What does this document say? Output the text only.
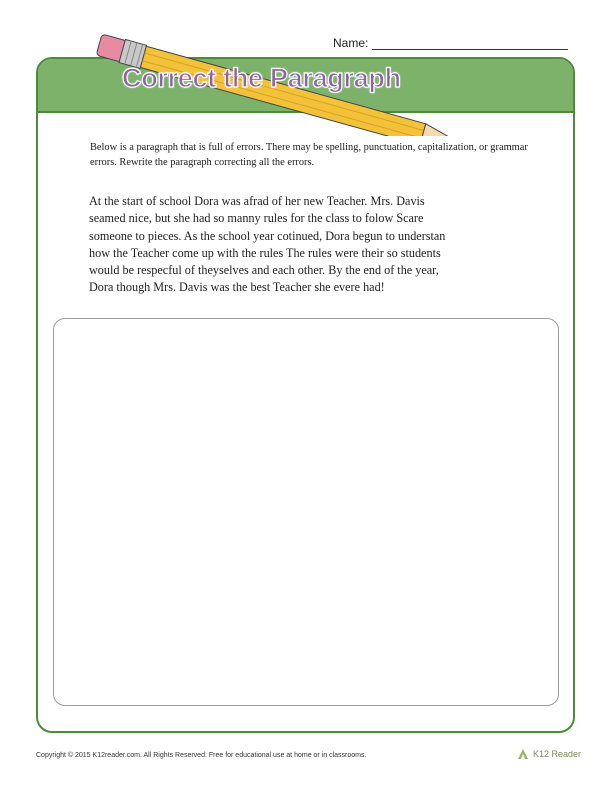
Name:
Correct the Paragraph
Below is a paragraph that is full of errors. There may be spelling, punctuation, capitalization, or grammar errors. Rewrite the paragraph correcting all the errors.
At the start of school Dora was afrad of her new Teacher. Mrs. Davis
seamed nice, but she had so manny rules for the class to folow Scare
someone to pieces. As the school year cotinued, Dora begun to understan
how the Teacher come up with the rules The rules were their so students
would be respecful of theyselves and each other. By the end of the year,
Dora though Mrs. Davis was the best Teacher she evere had!
Copyright © 2015 K12reader.com. All Rights Reserved. Free for educational use at home or in classrooms.	K12 Reader
